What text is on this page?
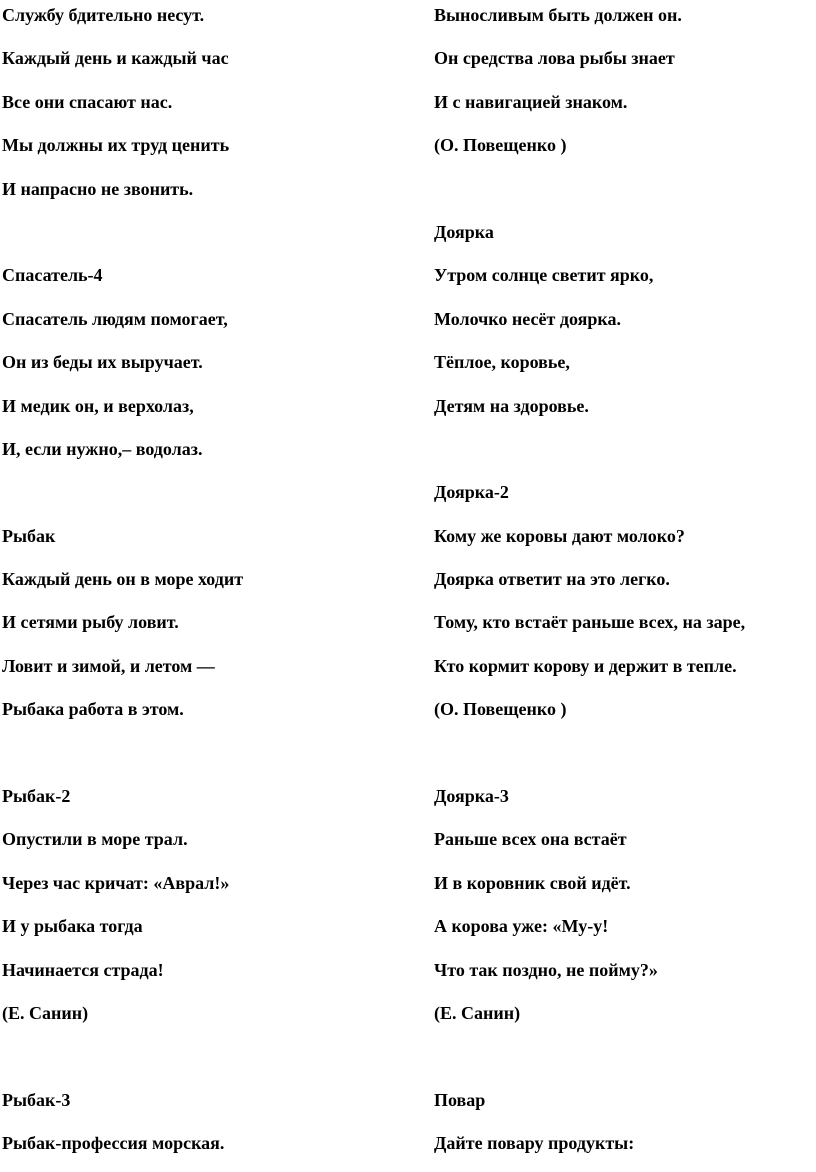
Службу бдительно несут.
Каждый день и каждый час
Все они спасают нас.
Мы должны их труд ценить
И напрасно не звонить.
Спасатель-4
Спасатель людям помогает,
Он из беды их выручает.
И медик он, и верхолаз,
И, если нужно,– водолаз.
Рыбак
Каждый день он в море ходит
И сетями рыбу ловит.
Ловит и зимой, и летом —
Рыбака работа в этом.
Рыбак-2
Опустили в море трал.
Через час кричат: «Аврал!»
И у рыбака тогда
Начинается страда!
(Е. Санин)
Рыбак-3
Рыбак-профессия морская.
Выносливым быть должен он.
Он средства лова рыбы знает
И с навигацией знаком.
(О. Повещенко )
Доярка
Утром солнце светит ярко,
Молочко несёт доярка.
Тёплое, коровье,
Детям на здоровье.
Доярка-2
Кому же коровы дают молоко?
Доярка ответит на это легко.
Тому, кто встаёт раньше всех, на заре,
Кто кормит корову и держит в тепле.
(О. Повещенко )
Доярка-3
Раньше всех она встаёт
И в коровник свой идёт.
А корова уже: «Му-у!
Что так поздно, не пойму?»
(Е. Санин)
Повар
Дайте повару продукты:
